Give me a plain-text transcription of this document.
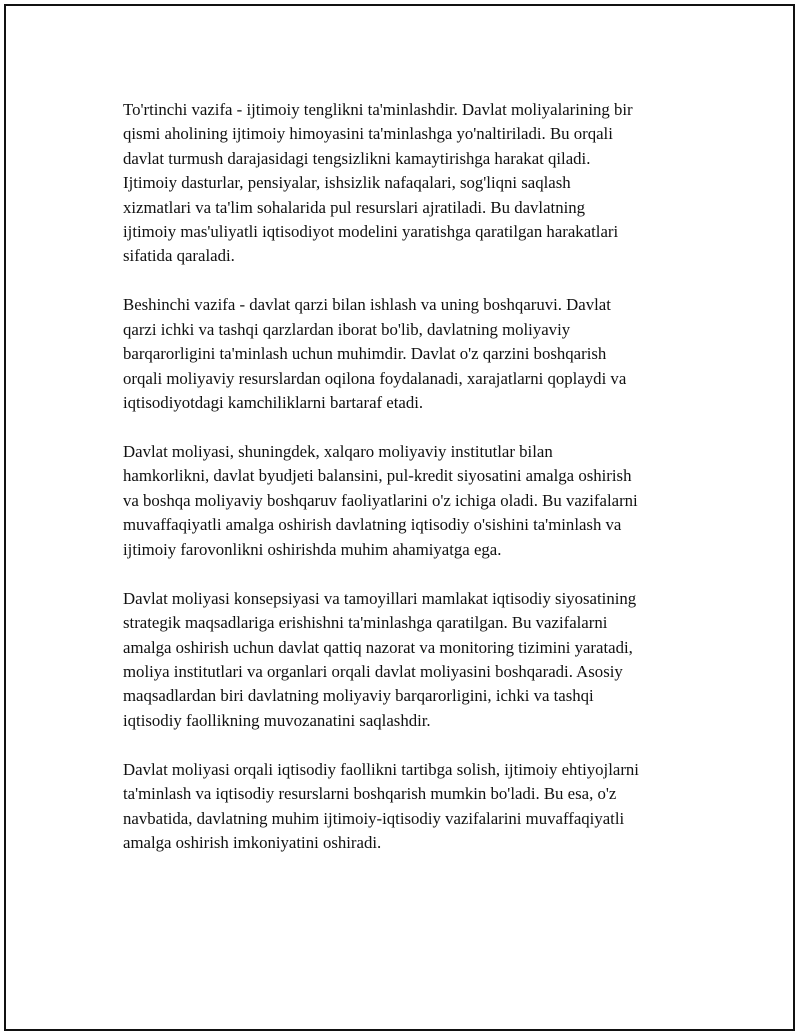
To'rtinchi vazifa - ijtimoiy tenglikni ta'minlashdir. Davlat moliyalarining bir
qismi aholining ijtimoiy himoyasini ta'minlashga yo'naltiriladi. Bu orqali
davlat turmush darajasidagi tengsizlikni kamaytirishga harakat qiladi.
Ijtimoiy dasturlar, pensiyalar, ishsizlik nafaqalari, sog'liqni saqlash
xizmatlari va ta'lim sohalarida pul resurslari ajratiladi. Bu davlatning
ijtimoiy mas'uliyatli iqtisodiyot modelini yaratishga qaratilgan harakatlari
sifatida qaraladi.

Beshinchi vazifa - davlat qarzi bilan ishlash va uning boshqaruvi. Davlat
qarzi ichki va tashqi qarzlardan iborat bo'lib, davlatning moliyaviy
barqarorligini ta'minlash uchun muhimdir. Davlat o'z qarzini boshqarish
orqali moliyaviy resurslardan oqilona foydalanadi, xarajatlarni qoplaydi va
iqtisodiyotdagi kamchiliklarni bartaraf etadi.

Davlat moliyasi, shuningdek, xalqaro moliyaviy institutlar bilan
hamkorlikni, davlat byudjeti balansini, pul-kredit siyosatini amalga oshirish
va boshqa moliyaviy boshqaruv faoliyatlarini o'z ichiga oladi. Bu vazifalarni
muvaffaqiyatli amalga oshirish davlatning iqtisodiy o'sishini ta'minlash va
ijtimoiy farovonlikni oshirishda muhim ahamiyatga ega.

Davlat moliyasi konsepsiyasi va tamoyillari mamlakat iqtisodiy siyosatining
strategik maqsadlariga erishishni ta'minlashga qaratilgan. Bu vazifalarni
amalga oshirish uchun davlat qattiq nazorat va monitoring tizimini yaratadi,
moliya institutlari va organlari orqali davlat moliyasini boshqaradi. Asosiy
maqsadlardan biri davlatning moliyaviy barqarorligini, ichki va tashqi
iqtisodiy faollikning muvozanatini saqlashdir.

Davlat moliyasi orqali iqtisodiy faollikni tartibga solish, ijtimoiy ehtiyojlarni
ta'minlash va iqtisodiy resurslarni boshqarish mumkin bo'ladi. Bu esa, o'z
navbatida, davlatning muhim ijtimoiy-iqtisodiy vazifalarini muvaffaqiyatli
amalga oshirish imkoniyatini oshiradi.
